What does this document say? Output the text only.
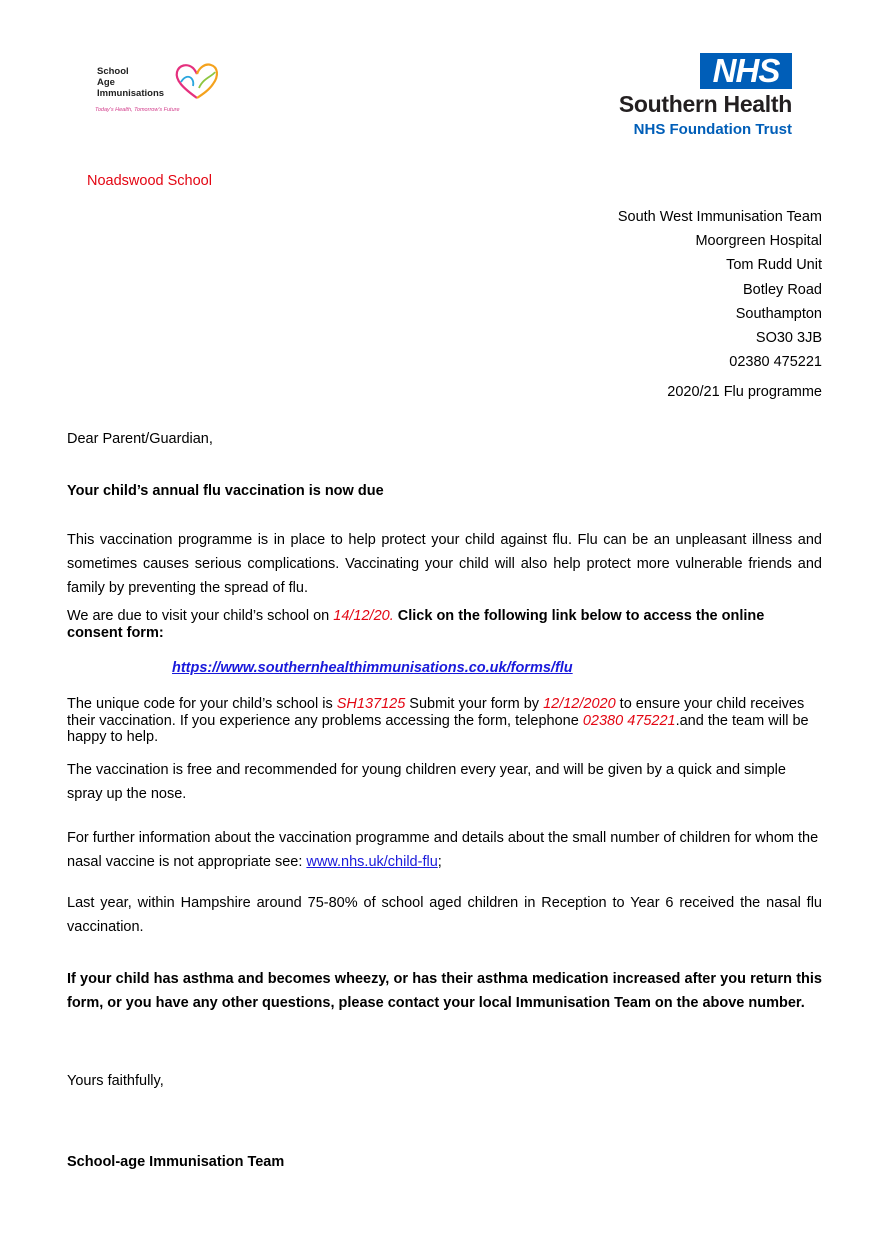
School
Age
Immunisations
Today's Health, Tomorrow's Future
NHS
Southern Health
NHS Foundation Trust
Noadswood School
South West Immunisation Team
Moorgreen Hospital
Tom Rudd Unit
Botley Road
Southampton
SO30 3JB
02380 475221
2020/21 Flu programme
Dear Parent/Guardian,
Your child’s annual flu vaccination is now due
This vaccination programme is in place to help protect your child against flu. Flu can be an unpleasant illness and sometimes causes serious complications. Vaccinating your child will also help protect more vulnerable friends and family by preventing the spread of flu.
We are due to visit your child’s school on 14/12/20. Click on the following link below to access the online consent form:
https://www.southernhealthimmunisations.co.uk/forms/flu
The unique code for your child’s school is SH137125 Submit your form by 12/12/2020 to ensure your child receives their vaccination. If you experience any problems accessing the form, telephone 02380 475221.and the team will be happy to help.
The vaccination is free and recommended for young children every year, and will be given by a quick and simple spray up the nose.
For further information about the vaccination programme and details about the small number of children for whom the nasal vaccine is not appropriate see: www.nhs.uk/child-flu;
Last year, within Hampshire around 75-80% of school aged children in Reception to Year 6 received the nasal flu vaccination.
If your child has asthma and becomes wheezy, or has their asthma medication increased after you return this form, or you have any other questions, please contact your local Immunisation Team on the above number.
Yours faithfully,
School-age Immunisation Team
